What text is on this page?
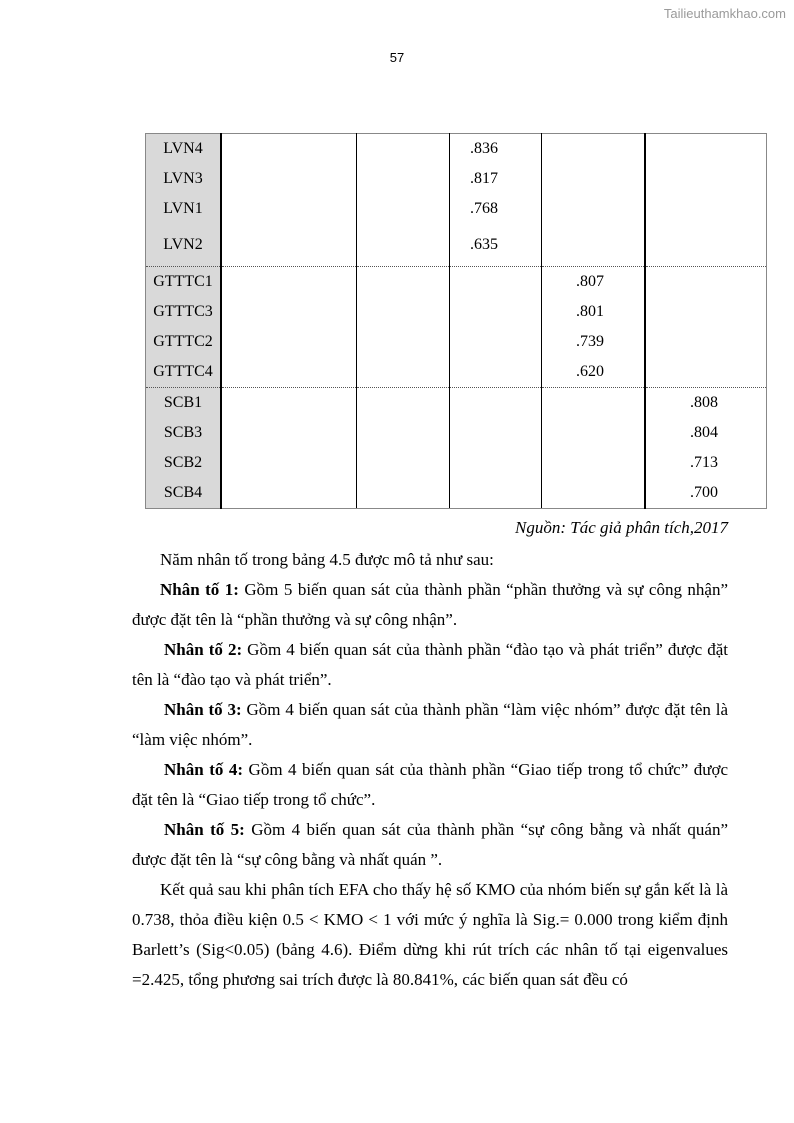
Tailieuthamkhao.com
57
LVN4			.836		
LVN3			.817		
LVN1			.768		
LVN2			.635		
GTTTC1				.807	
GTTTC3				.801	
GTTTC2				.739	
GTTTC4				.620	
SCB1					.808
SCB3					.804
SCB2					.713
SCB4					.700
Nguồn: Tác giả phân tích,2017

Năm nhân tố trong bảng 4.5 được mô tả như sau:

Nhân tố 1: Gồm 5 biến quan sát của thành phần “phần thưởng và sự công nhận” được đặt tên là “phần thưởng và sự công nhận”.

Nhân tố 2: Gồm 4 biến quan sát của thành phần “đào tạo và phát triển” được đặt tên là “đào tạo và phát triển”.

Nhân tố 3: Gồm 4 biến quan sát của thành phần “làm việc nhóm” được đặt tên là “làm việc nhóm”.

Nhân tố 4: Gồm 4 biến quan sát của thành phần “Giao tiếp trong tổ chức” được đặt tên là “Giao tiếp trong tổ chức”.

Nhân tố 5: Gồm 4 biến quan sát của thành phần “sự công bằng và nhất quán” được đặt tên là “sự công bằng và nhất quán ”.

Kết quả sau khi phân tích EFA cho thấy hệ số KMO của nhóm biến sự gắn kết là là 0.738, thỏa điều kiện 0.5 < KMO < 1 với mức ý nghĩa là Sig.= 0.000 trong kiểm định Barlett’s (Sig<0.05) (bảng 4.6). Điểm dừng khi rút trích các nhân tố tại eigenvalues =2.425, tổng phương sai trích được là 80.841%, các biến quan sát đều có
